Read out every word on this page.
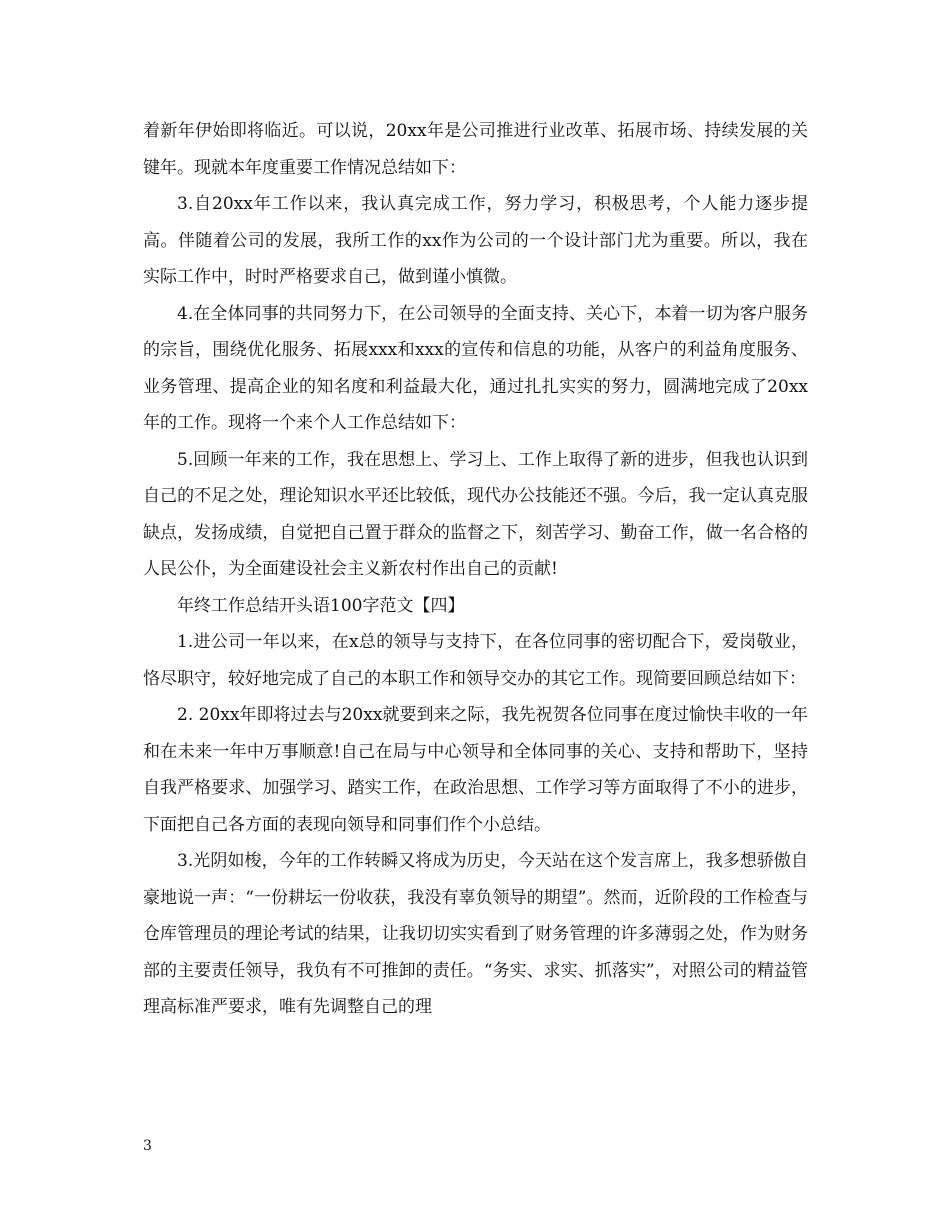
着新年伊始即将临近。可以说，20xx年是公司推进行业改革、拓展市场、持续发展的关键年。现就本年度重要工作情况总结如下：

3.自20xx年工作以来，我认真完成工作，努力学习，积极思考，个人能力逐步提高。伴随着公司的发展，我所工作的xx作为公司的一个设计部门尤为重要。所以，我在实际工作中，时时严格要求自己，做到谨小慎微。

4.在全体同事的共同努力下，在公司领导的全面支持、关心下，本着一切为客户服务的宗旨，围绕优化服务、拓展xxx和xxx的宣传和信息的功能，从客户的利益角度服务、业务管理、提高企业的知名度和利益最大化，通过扎扎实实的努力，圆满地完成了20xx年的工作。现将一个来个人工作总结如下：

5.回顾一年来的工作，我在思想上、学习上、工作上取得了新的进步，但我也认识到自己的不足之处，理论知识水平还比较低，现代办公技能还不强。今后，我一定认真克服缺点，发扬成绩，自觉把自己置于群众的监督之下，刻苦学习、勤奋工作，做一名合格的人民公仆，为全面建设社会主义新农村作出自己的贡献!

年终工作总结开头语100字范文【四】

1.进公司一年以来，在x总的领导与支持下，在各位同事的密切配合下，爱岗敬业，恪尽职守，较好地完成了自己的本职工作和领导交办的其它工作。现简要回顾总结如下：

2. 20xx年即将过去与20xx就要到来之际，我先祝贺各位同事在度过愉快丰收的一年和在未来一年中万事顺意!自己在局与中心领导和全体同事的关心、支持和帮助下，坚持自我严格要求、加强学习、踏实工作，在政治思想、工作学习等方面取得了不小的进步，下面把自己各方面的表现向领导和同事们作个小总结。

3.光阴如梭，今年的工作转瞬又将成为历史，今天站在这个发言席上，我多想骄傲自豪地说一声：“一份耕坛一份收获，我没有辜负领导的期望”。然而，近阶段的工作检查与仓库管理员的理论考试的结果，让我切切实实看到了财务管理的许多薄弱之处，作为财务部的主要责任领导，我负有不可推卸的责任。“务实、求实、抓落实”，对照公司的精益管理高标准严要求，唯有先调整自己的理

3
